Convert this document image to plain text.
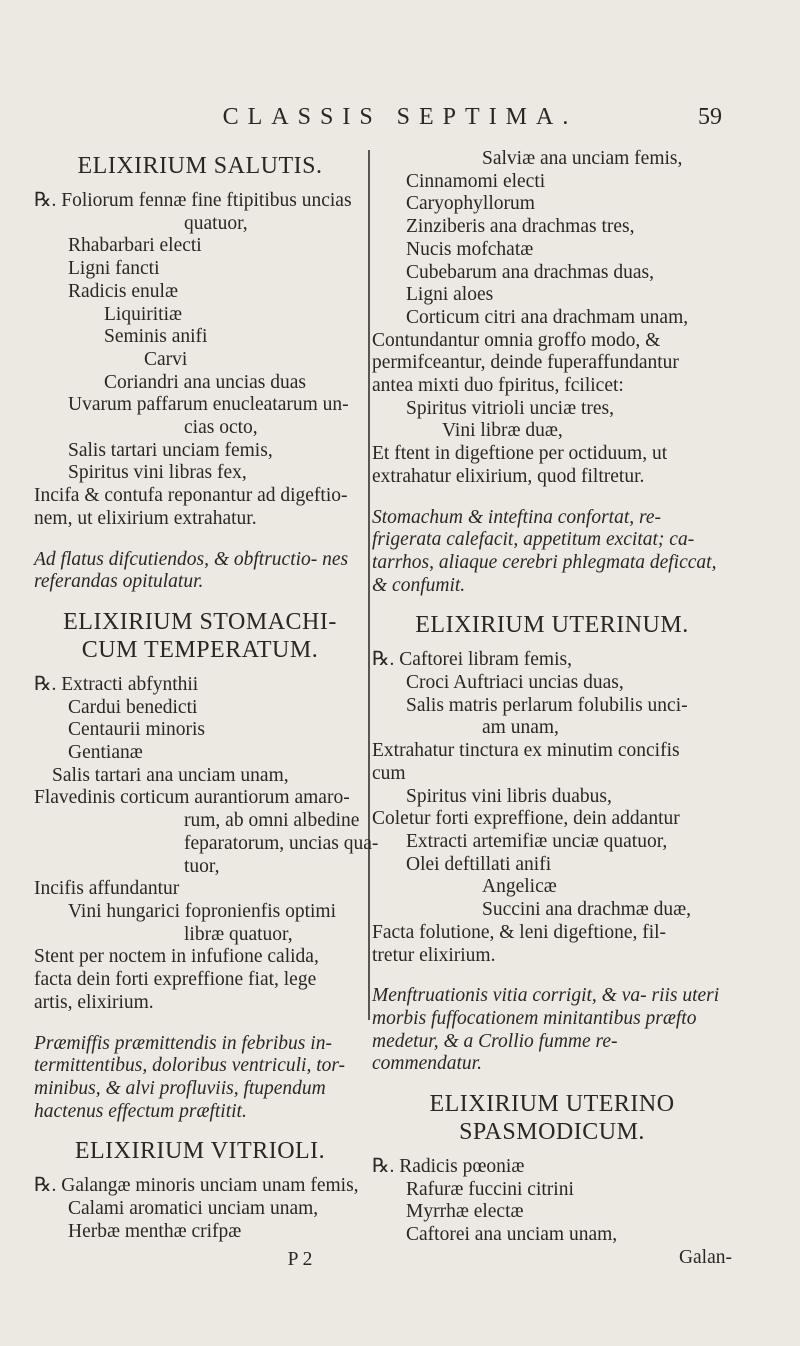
CLASSIS SEPTIMA.	59
ELIXIRIUM SALUTIS.
℞. Foliorum fennæ fine ftipitibus uncias
quatuor,
Rhabarbari electi
Ligni fancti
Radicis enulæ
Liquiritiæ
Seminis anifi
Carvi
Coriandri ana uncias duas
Uvarum paffarum enucleatarum un-
cias octo,
Salis tartari unciam femis,
Spiritus vini libras fex,
Incifa & contufa reponantur ad digeftio-
nem, ut elixirium extrahatur.
Ad flatus difcutiendos, & obftructio- nes referandas opitulatur.
ELIXIRIUM STOMACHI- CUM TEMPERATUM.
℞. Extracti abfynthii
Cardui benedicti
Centaurii minoris
Gentianæ
Salis tartari ana unciam unam,
Flavedinis corticum aurantiorum amaro-
rum, ab omni albedine
feparatorum, uncias qua-
tuor,
Incifis affundantur
Vini hungarici fopronienfis optimi
libræ quatuor,
Stent per noctem in infufione calida,
facta dein forti expreffione fiat, lege
artis, elixirium.
Præmiffis præmittendis in febribus in- termittentibus, doloribus ventriculi, tor- minibus, & alvi profluviis, ftupendum hactenus effectum præftitit.
ELIXIRIUM VITRIOLI.
℞. Galangæ minoris unciam unam femis,
Calami aromatici unciam unam,
Herbæ menthæ crifpæ
P 2
Salviæ ana unciam femis,
Cinnamomi electi
Caryophyllorum
Zinziberis ana drachmas tres,
Nucis mofchatæ
Cubebarum ana drachmas duas,
Ligni aloes
Corticum citri ana drachmam unam,
Contundantur omnia groffo modo, &
permifceantur, deinde fuperaffundantur
antea mixti duo fpiritus, fcilicet:
Spiritus vitrioli unciæ tres,
Vini libræ duæ,
Et ftent in digeftione per octiduum, ut
extrahatur elixirium, quod filtretur.
Stomachum & inteftina confortat, re- frigerata calefacit, appetitum excitat; ca- tarrhos, aliaque cerebri phlegmata deficcat, & confumit.
ELIXIRIUM UTERINUM.
℞. Caftorei libram femis,
Croci Auftriaci uncias duas,
Salis matris perlarum folubilis unci-
am unam,
Extrahatur tinctura ex minutim concifis
cum
Spiritus vini libris duabus,
Coletur forti expreffione, dein addantur
Extracti artemifiæ unciæ quatuor,
Olei deftillati anifi
Angelicæ
Succini ana drachmæ duæ,
Facta folutione, & leni digeftione, fil-
tretur elixirium.
Menftruationis vitia corrigit, & va- riis uteri morbis fuffocationem minitantibus præfto medetur, & a Crollio fumme re- commendatur.
ELIXIRIUM UTERINO SPASMODICUM.
℞. Radicis pœoniæ
Rafuræ fuccini citrini
Myrrhæ electæ
Caftorei ana unciam unam,
Galan-
